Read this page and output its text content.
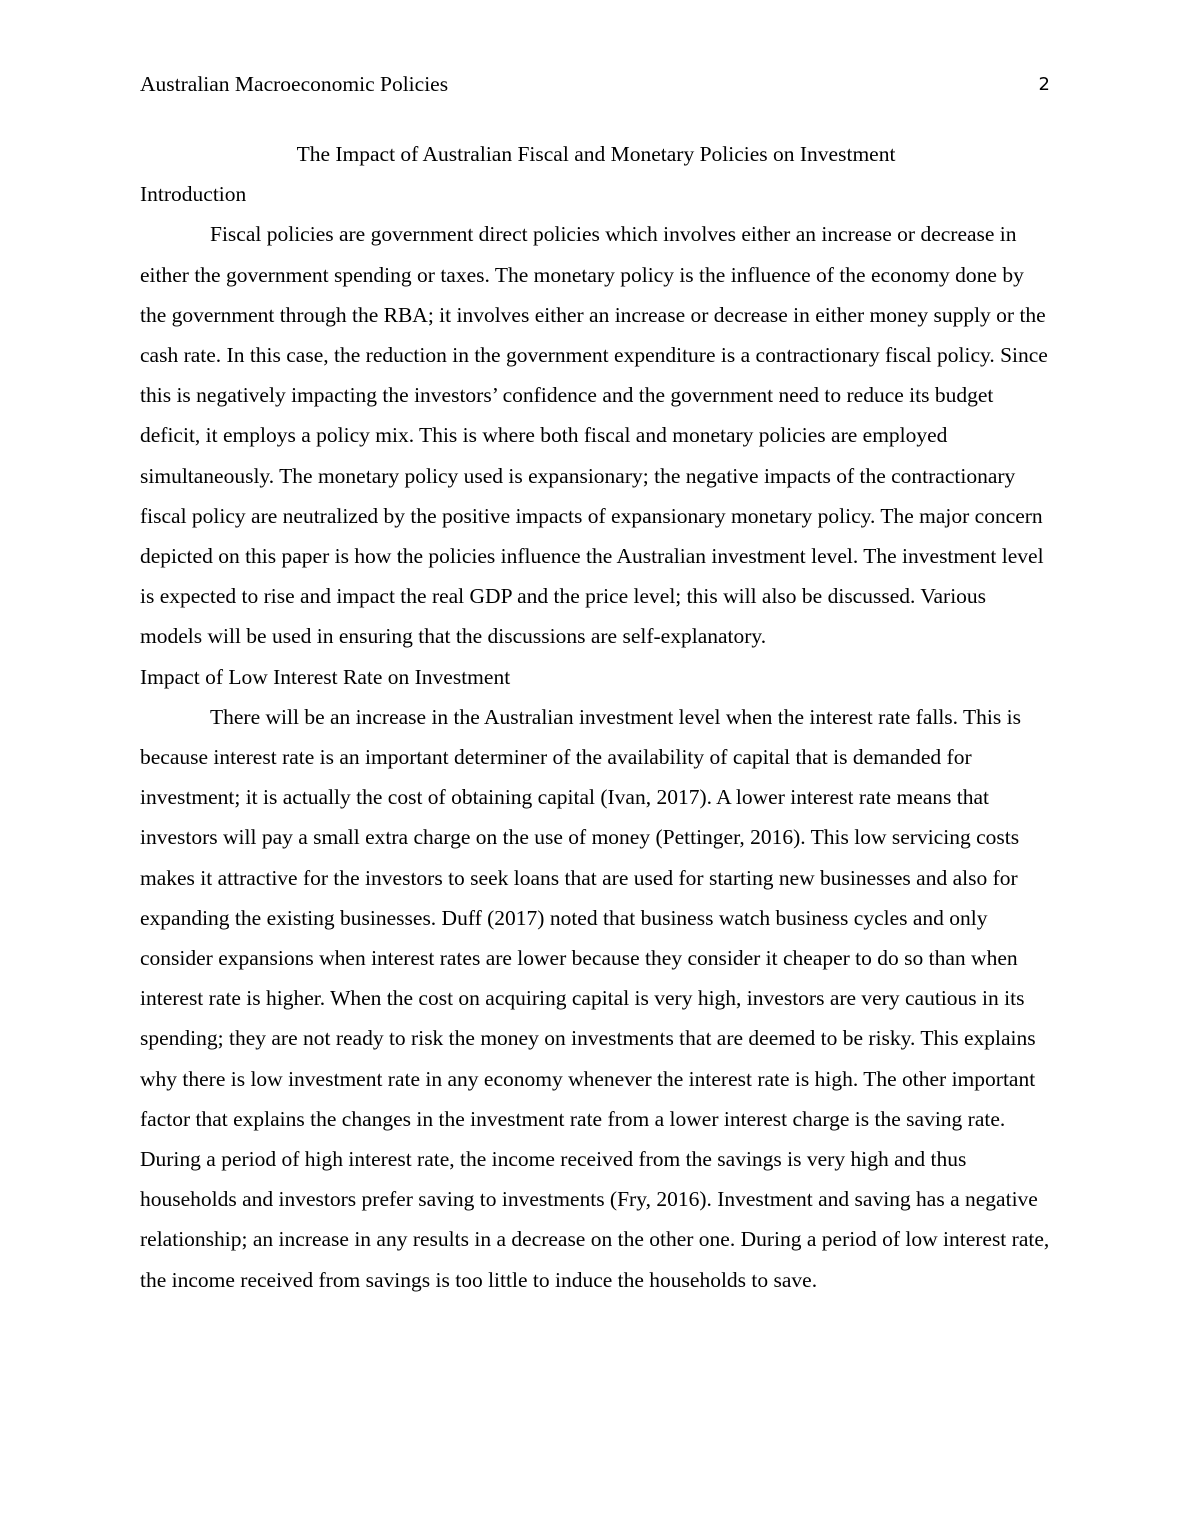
Australian Macroeconomic Policies	2
The Impact of Australian Fiscal and Monetary Policies on Investment
Introduction

Fiscal policies are government direct policies which involves either an increase or decrease in either the government spending or taxes. The monetary policy is the influence of the economy done by the government through the RBA; it involves either an increase or decrease in either money supply or the cash rate. In this case, the reduction in the government expenditure is a contractionary fiscal policy. Since this is negatively impacting the investors’ confidence and the government need to reduce its budget deficit, it employs a policy mix. This is where both fiscal and monetary policies are employed simultaneously. The monetary policy used is expansionary; the negative impacts of the contractionary fiscal policy are neutralized by the positive impacts of expansionary monetary policy. The major concern depicted on this paper is how the policies influence the Australian investment level. The investment level is expected to rise and impact the real GDP and the price level; this will also be discussed. Various models will be used in ensuring that the discussions are self-explanatory.

Impact of Low Interest Rate on Investment

There will be an increase in the Australian investment level when the interest rate falls. This is because interest rate is an important determiner of the availability of capital that is demanded for investment; it is actually the cost of obtaining capital (Ivan, 2017). A lower interest rate means that investors will pay a small extra charge on the use of money (Pettinger, 2016). This low servicing costs makes it attractive for the investors to seek loans that are used for starting new businesses and also for expanding the existing businesses. Duff (2017) noted that business watch business cycles and only consider expansions when interest rates are lower because they consider it cheaper to do so than when interest rate is higher. When the cost on acquiring capital is very high, investors are very cautious in its spending; they are not ready to risk the money on investments that are deemed to be risky. This explains why there is low investment rate in any economy whenever the interest rate is high. The other important factor that explains the changes in the investment rate from a lower interest charge is the saving rate. During a period of high interest rate, the income received from the savings is very high and thus households and investors prefer saving to investments (Fry, 2016). Investment and saving has a negative relationship; an increase in any results in a decrease on the other one. During a period of low interest rate, the income received from savings is too little to induce the households to save.
